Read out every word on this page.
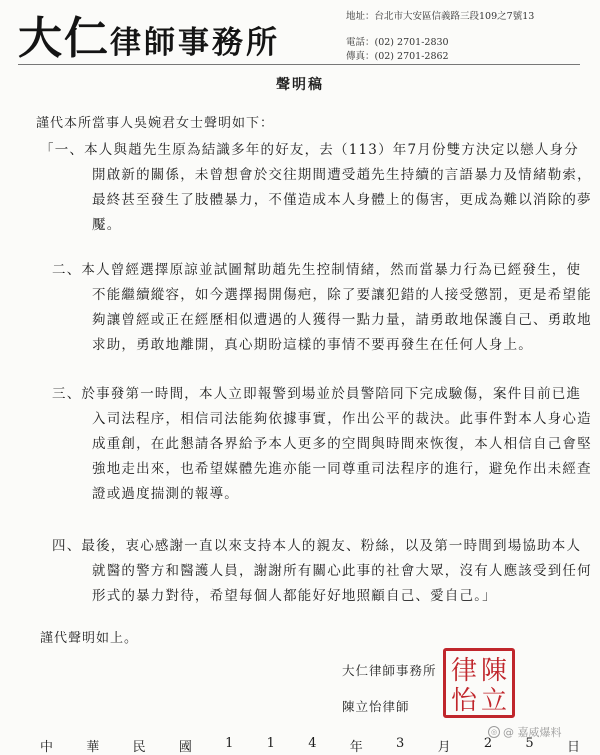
大仁律師事務所
地址：台北市大安區信義路三段109之7號13
電話：(02) 2701-2830
傳真：(02) 2701-2862
聲明稿
謹代本所當事人吳婉君女士聲明如下：
「一、本人與趙先生原為結識多年的好友，去（113）年7月份雙方決定以戀人身分
開啟新的關係，未曾想會於交往期間遭受趙先生持續的言語暴力及情緒勒索，
最終甚至發生了肢體暴力，不僅造成本人身體上的傷害，更成為難以消除的夢
魘。
二、本人曾經選擇原諒並試圖幫助趙先生控制情緒，然而當暴力行為已經發生，使
不能繼續縱容，如今選擇揭開傷疤，除了要讓犯錯的人接受懲罰，更是希望能
夠讓曾經或正在經歷相似遭遇的人獲得一點力量，請勇敢地保護自己、勇敢地
求助，勇敢地離開，真心期盼這樣的事情不要再發生在任何人身上。
三、於事發第一時間，本人立即報警到場並於員警陪同下完成驗傷，案件目前已進
入司法程序，相信司法能夠依據事實，作出公平的裁決。此事件對本人身心造
成重創，在此懇請各界給予本人更多的空間與時間來恢復，本人相信自己會堅
強地走出來，也希望媒體先進亦能一同尊重司法程序的進行，避免作出未經查
證或過度揣測的報導。
四、最後，衷心感謝一直以來支持本人的親友、粉絲，以及第一時間到場協助本人
就醫的警方和醫護人員，謝謝所有關心此事的社會大眾，沒有人應該受到任何
形式的暴力對待，希望每個人都能好好地照顧自己、愛自己。」
謹代聲明如上。
大仁律師事務所
陳立怡律師
陳
立
律
怡
中	華	民	國	1	1	4	年	3	月	2	5	日
◎ @ 嘉威爆料
